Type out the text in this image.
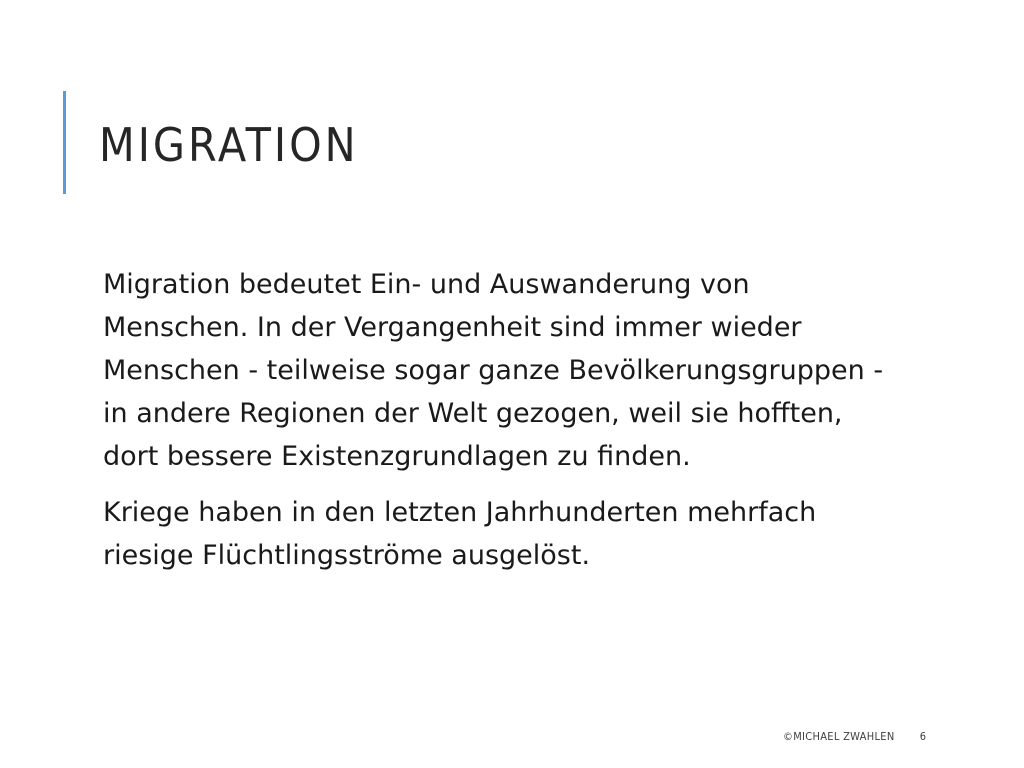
MIGRATION

Migration bedeutet Ein- und Auswanderung von Menschen. In der Vergangenheit sind immer wieder Menschen - teilweise sogar ganze Bevölkerungsgruppen - in andere Regionen der Welt gezogen, weil sie hofften, dort bessere Existenzgrundlagen zu finden.

Kriege haben in den letzten Jahrhunderten mehrfach riesige Flüchtlingsströme ausgelöst.

©MICHAEL ZWAHLEN 6
